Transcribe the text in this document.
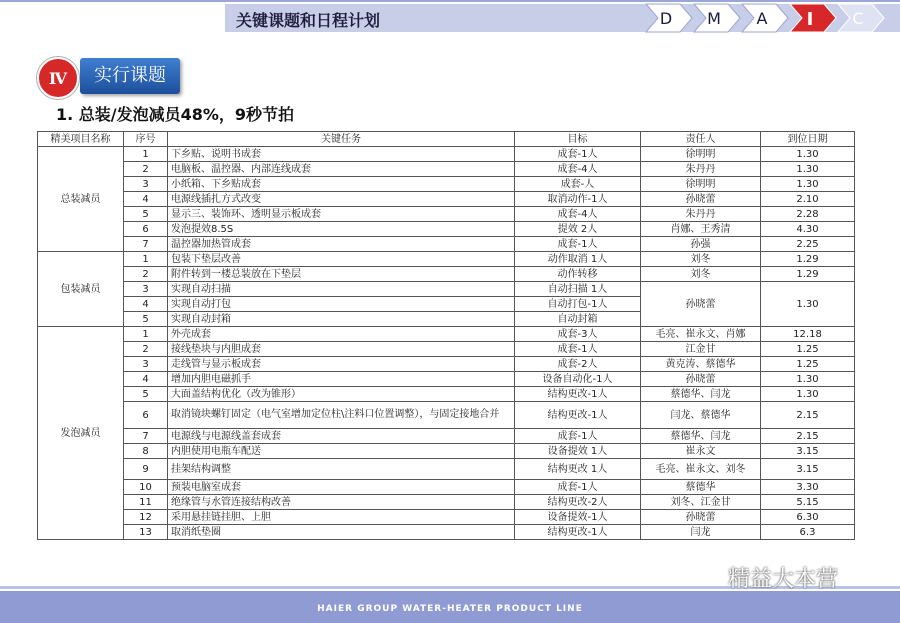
关键课题和日程计划	D M A I C
Ⅳ	实行课题
1. 总装/发泡减员48%，9秒节拍
精美项目名称	序号	关键任务	目标	责任人	到位日期
总装减员	1	下乡贴、说明书成套	成套-1人	徐明明	1.30
	2	电脑板、温控器、内部连线成套	成套-4人	朱丹丹	1.30
	3	小纸箱、下乡贴成套	成套-人	徐明明	1.30
	4	电源线插扎方式改变	取消动作-1人	孙晓蕾	2.10
	5	显示三、装饰环、透明显示板成套	成套-4人	朱丹丹	2.28
	6	发泡提效8.5S	提效 2人	肖娜、王秀清	4.30
	7	温控器加热管成套	成套-1人	孙强	2.25
包装减员	1	包装下垫层改善	动作取消 1人	刘冬	1.29
	2	附件转到一楼总装放在下垫层	动作转移	刘冬	1.29
	3	实现自动扫描	自动扫描 1人	孙晓蕾	1.30
	4	实现自动打包	自动打包-1人		
	5	实现自动封箱	自动封箱		
发泡减员	1	外壳成套	成套-3人	毛亮、崔永文、肖娜	12.18
	2	接线垫块与内胆成套	成套-1人	江金甘	1.25
	3	走线管与显示板成套	成套-2人	黄克涛、蔡德华	1.25
	4	增加内胆电磁抓手	设备自动化-1人	孙晓蕾	1.30
	5	大面盖结构优化（改为锥形）	结构更改-1人	蔡德华、闫龙	1.30
	6	取消镜块螺钉固定（电气室增加定位柱\注料口位置调整），与固定接地合并	结构更改-1人	闫龙、蔡德华	2.15
	7	电源线与电源线盖套成套	成套-1人	蔡德华、闫龙	2.15
	8	内胆使用电瓶车配送	设备提效 1人	崔永文	3.15
	9	挂架结构调整	结构更改 1人	毛亮、崔永文、刘冬	3.15
	10	预装电脑室成套	成套-1人	蔡德华	3.30
	11	绝缘管与水管连接结构改善	结构更改-2人	刘冬、江金甘	5.15
	12	采用悬挂链挂胆、上胆	设备提效-1人	孙晓蕾	6.30
	13	取消纸垫圈	结构更改-1人	闫龙	6.3
HAIER GROUP WATER-HEATER PRODUCT LINE
精益大本营
